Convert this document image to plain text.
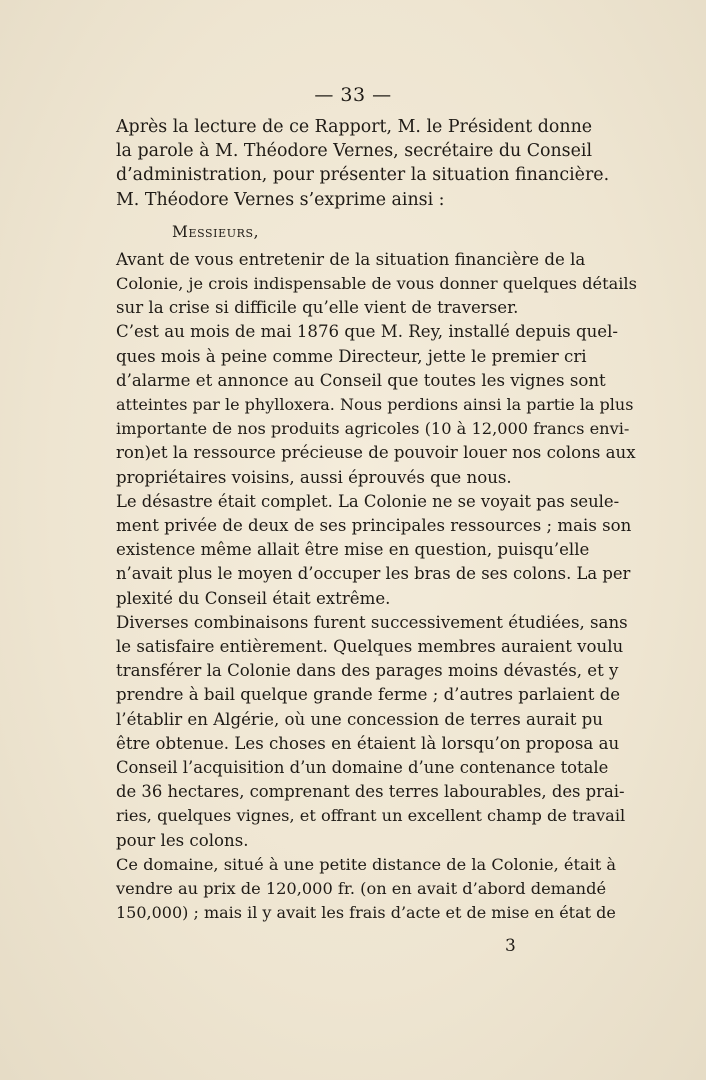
— 33 —
Après la lecture de ce Rapport, M. le Président donne
la parole à M. Théodore Vernes, secrétaire du Conseil
d’administration, pour présenter la situation financière.
M. Théodore Vernes s’exprime ainsi :
Messieurs,
Avant de vous entretenir de la situation financière de la
Colonie, je crois indispensable de vous donner quelques détails
sur la crise si difficile qu’elle vient de traverser.
C’est au mois de mai 1876 que M. Rey, installé depuis quel-
ques mois à peine comme Directeur, jette le premier cri
d’alarme et annonce au Conseil que toutes les vignes sont
atteintes par le phylloxera. Nous perdions ainsi la partie la plus
importante de nos produits agricoles (10 à 12,000 francs envi-
ron)et la ressource précieuse de pouvoir louer nos colons aux
propriétaires voisins, aussi éprouvés que nous.
Le désastre était complet. La Colonie ne se voyait pas seule-
ment privée de deux de ses principales ressources ; mais son
existence même allait être mise en question, puisqu’elle
n’avait plus le moyen d’occuper les bras de ses colons. La per
plexité du Conseil était extrême.
Diverses combinaisons furent successivement étudiées, sans
le satisfaire entièrement. Quelques membres auraient voulu
transférer la Colonie dans des parages moins dévastés, et y
prendre à bail quelque grande ferme ; d’autres parlaient de
l’établir en Algérie, où une concession de terres aurait pu
être obtenue. Les choses en étaient là lorsqu’on proposa au
Conseil l’acquisition d’un domaine d’une contenance totale
de 36 hectares, comprenant des terres labourables, des prai-
ries, quelques vignes, et offrant un excellent champ de travail
pour les colons.
Ce domaine, situé à une petite distance de la Colonie, était à
vendre au prix de 120,000 fr. (on en avait d’abord demandé
150,000) ; mais il y avait les frais d’acte et de mise en état de
3
